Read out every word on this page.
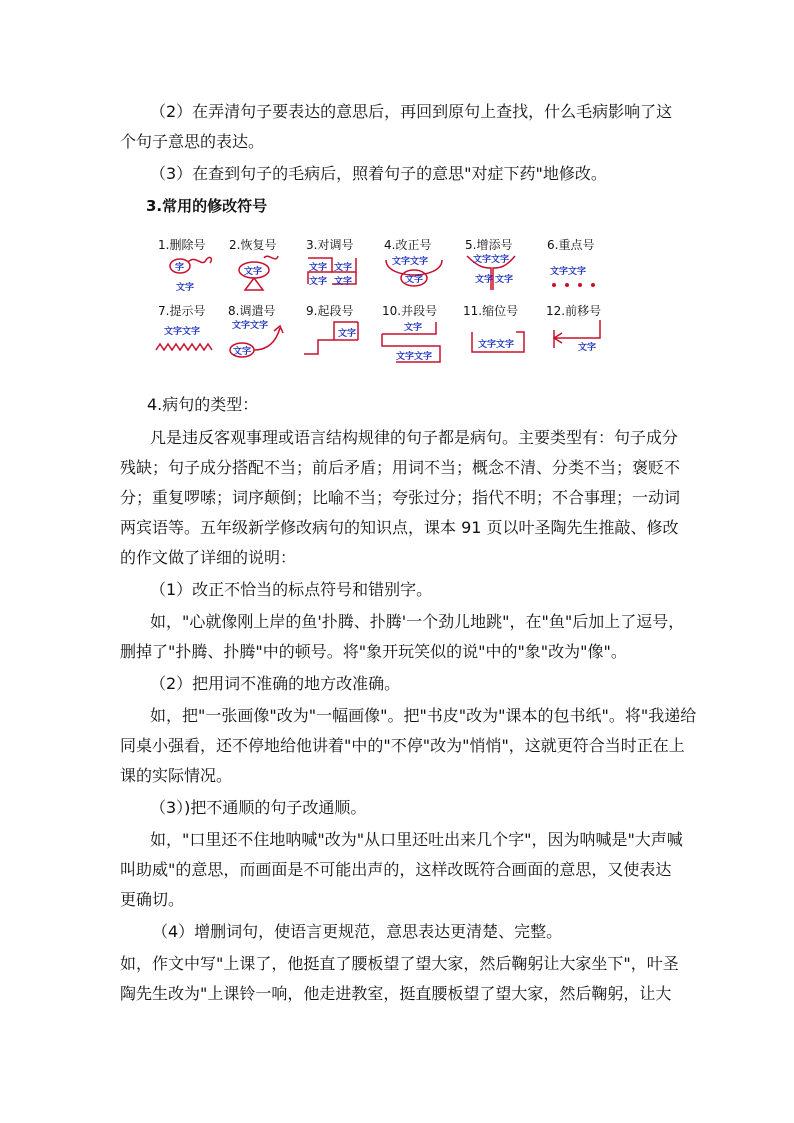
（2）在弄清句子要表达的意思后，再回到原句上查找，什么毛病影响了这

个句子意思的表达。

（3）在查到句子的毛病后，照着句子的意思"对症下药"地修改。

3.常用的修改符号

1.删除号 2.恢复号 3.对调号	4.改正号	5.增添号	6.重点号
7.提示号 8.调遣号	9.起段号 10.并段号 11.缩位号 12.前移号
字
文字
文字	文字 文字
文字 文字
文字文字
文字
文字文字
文字 文字
文字文字
文字文字
文字文字
文字
文字
文字
文字文字
文字文字	文字

4.病句的类型：

凡是违反客观事理或语言结构规律的句子都是病句。主要类型有：句子成分

残缺；句子成分搭配不当；前后矛盾；用词不当；概念不清、分类不当；褒贬不

分；重复啰嗦；词序颠倒；比喻不当；夸张过分；指代不明；不合事理；一动词

两宾语等。五年级新学修改病句的知识点，课本 91 页以叶圣陶先生推敲、修改

的作文做了详细的说明：

（1）改正不恰当的标点符号和错别字。

如，"心就像刚上岸的鱼'扑腾、扑腾'一个劲儿地跳"，在"鱼"后加上了逗号，

删掉了"扑腾、扑腾"中的顿号。将"象开玩笑似的说"中的"象"改为"像"。

（2）把用词不准确的地方改准确。

如，把"一张画像"改为"一幅画像"。把"书皮"改为"课本的包书纸"。将"我递给

同桌小强看，还不停地给他讲着"中的"不停"改为"悄悄"，这就更符合当时正在上

课的实际情况。

（3）)把不通顺的句子改通顺。

如，"口里还不住地呐喊"改为"从口里还吐出来几个字"，因为呐喊是"大声喊

叫助威"的意思，而画面是不可能出声的，这样改既符合画面的意思，又使表达

更确切。

（4）增删词句，使语言更规范，意思表达更清楚、完整。

如，作文中写"上课了，他挺直了腰板望了望大家，然后鞠躬让大家坐下"，叶圣

陶先生改为"上课铃一响，他走进教室，挺直腰板望了望大家，然后鞠躬，让大
